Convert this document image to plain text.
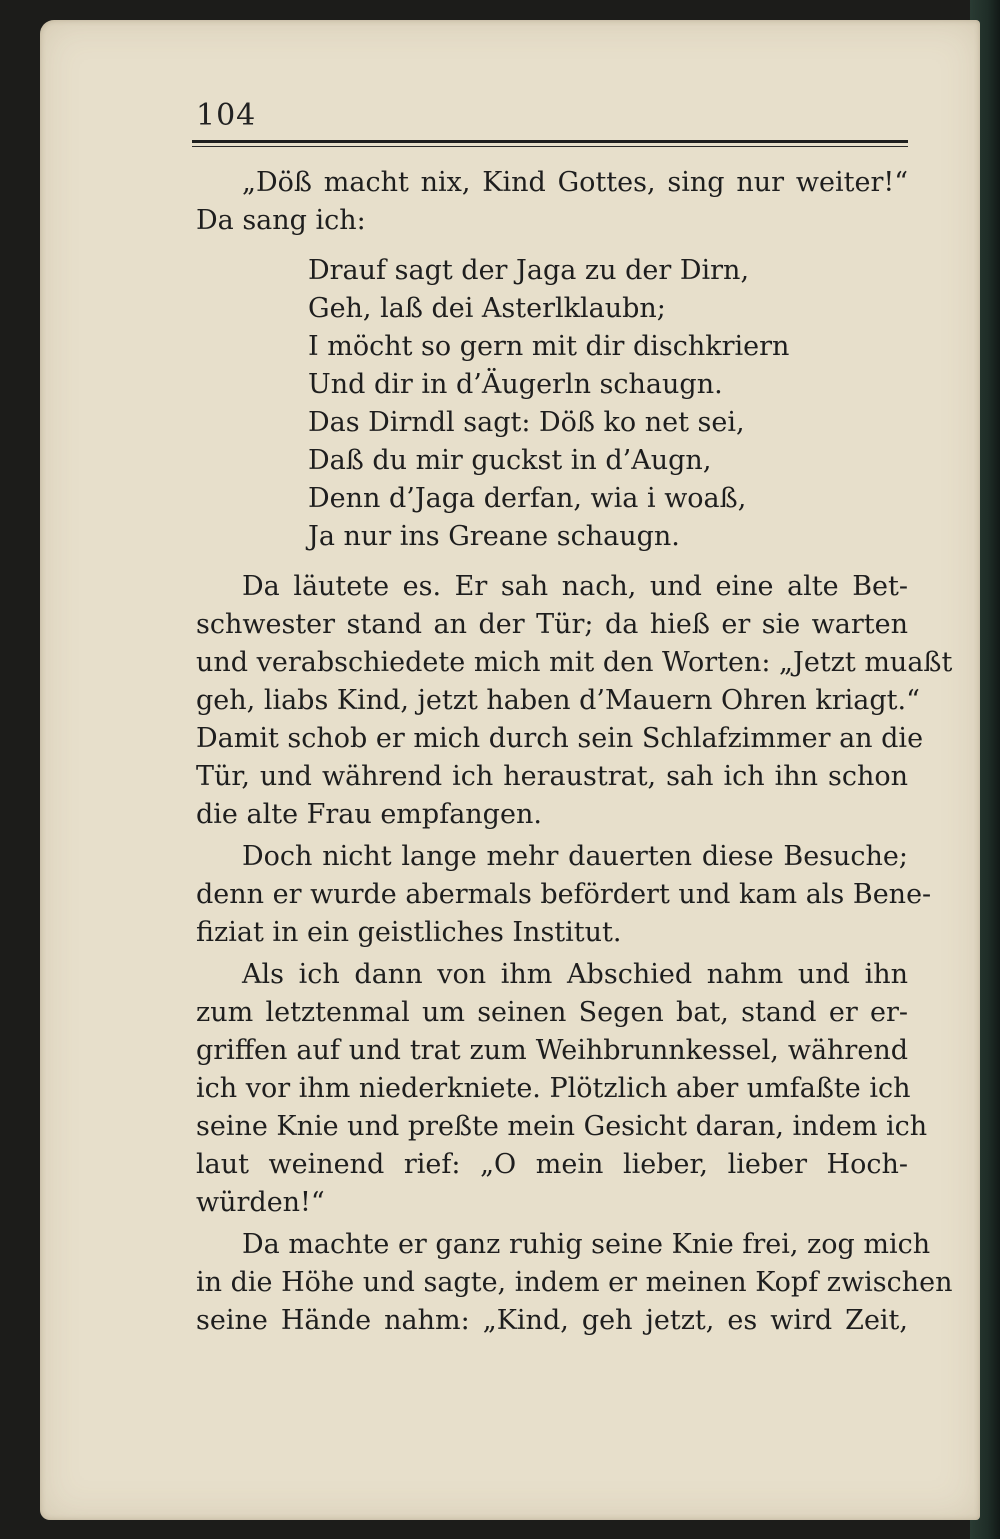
104
„Döß macht nix, Kind Gottes, sing nur weiter!“
Da sang ich:
Drauf sagt der Jaga zu der Dirn,
Geh, laß dei Asterlklaubn;
I möcht so gern mit dir dischkriern
Und dir in d’Äugerln schaugn.
Das Dirndl sagt: Döß ko net sei,
Daß du mir guckst in d’Augn,
Denn d’Jaga derfan, wia i woaß,
Ja nur ins Greane schaugn.
Da läutete es. Er sah nach, und eine alte Bet-
schwester stand an der Tür; da hieß er sie warten
und verabschiedete mich mit den Worten: „Jetzt muaßt
geh, liabs Kind, jetzt haben d’Mauern Ohren kriagt.“
Damit schob er mich durch sein Schlafzimmer an die
Tür, und während ich heraustrat, sah ich ihn schon
die alte Frau empfangen.
Doch nicht lange mehr dauerten diese Besuche;
denn er wurde abermals befördert und kam als Bene-
fiziat in ein geistliches Institut.
Als ich dann von ihm Abschied nahm und ihn
zum letztenmal um seinen Segen bat, stand er er-
griffen auf und trat zum Weihbrunnkessel, während
ich vor ihm niederkniete. Plötzlich aber umfaßte ich
seine Knie und preßte mein Gesicht daran, indem ich
laut weinend rief: „O mein lieber, lieber Hoch-
würden!“
Da machte er ganz ruhig seine Knie frei, zog mich
in die Höhe und sagte, indem er meinen Kopf zwischen
seine Hände nahm: „Kind, geh jetzt, es wird Zeit,
